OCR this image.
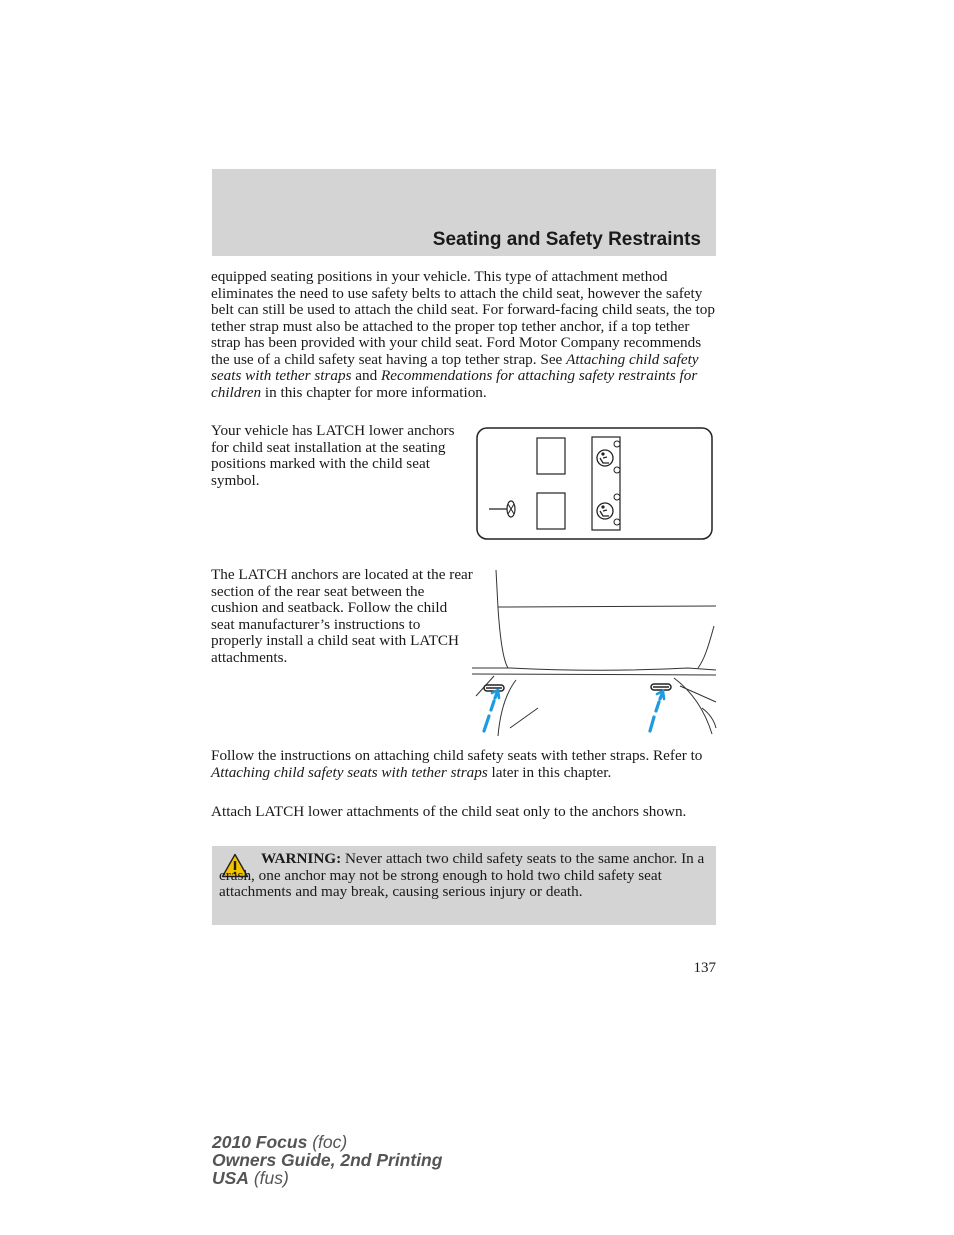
Seating and Safety Restraints

equipped seating positions in your vehicle. This type of attachment method eliminates the need to use safety belts to attach the child seat, however the safety belt can still be used to attach the child seat. For forward-facing child seats, the top tether strap must also be attached to the proper top tether anchor, if a top tether strap has been provided with your child seat. Ford Motor Company recommends the use of a child safety seat having a top tether strap. See Attaching child safety seats with tether straps and Recommendations for attaching safety restraints for children in this chapter for more information.

Your vehicle has LATCH lower anchors for child seat installation at the seating positions marked with the child seat symbol.

The LATCH anchors are located at the rear section of the rear seat between the cushion and seatback. Follow the child seat manufacturer’s instructions to properly install a child seat with LATCH attachments.

Follow the instructions on attaching child safety seats with tether straps. Refer to Attaching child safety seats with tether straps later in this chapter.

Attach LATCH lower attachments of the child seat only to the anchors shown.

WARNING: Never attach two child safety seats to the same anchor. In a crash, one anchor may not be strong enough to hold two child safety seat attachments and may break, causing serious injury or death.

137

2010 Focus (foc)
Owners Guide, 2nd Printing
USA (fus)
